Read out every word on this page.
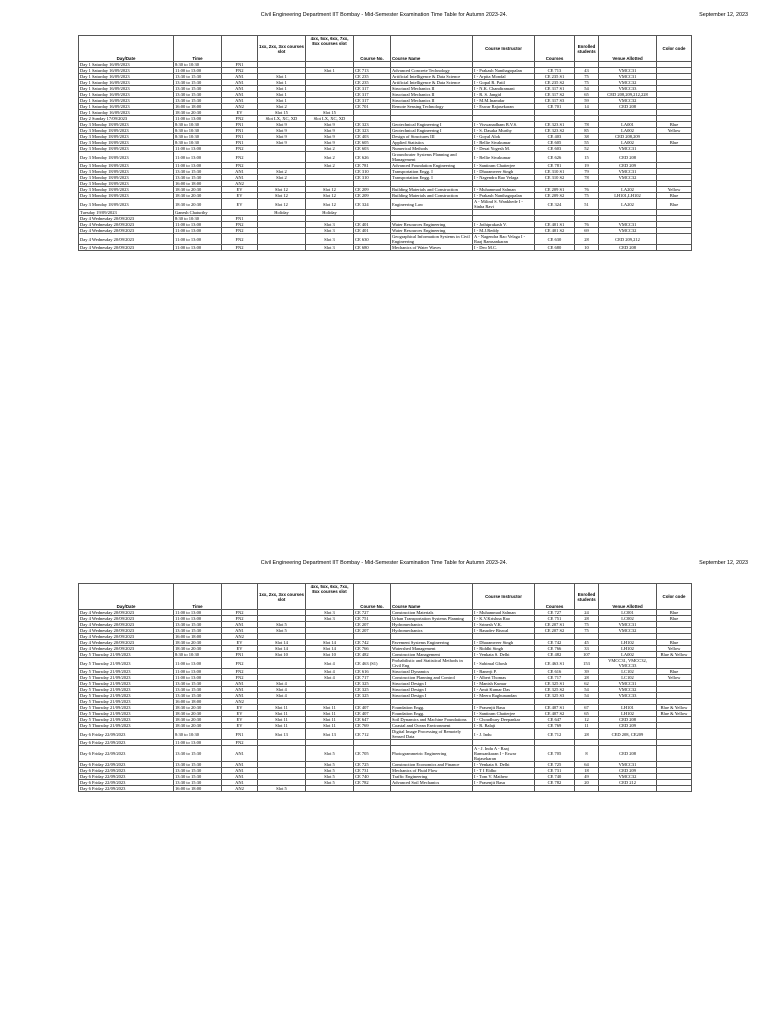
Civil Engineering Department IIT Bombay - Mid-Semester Examination Time Table for Autumn 2023-24.	September 12, 2023
Day/Date	Time		1xx, 2xx, 3xx courses slot	4xx, 5xx, 6xx, 7xx, 8xx courses slot	Course No.	Course Name	Course Instructor	Courses	Enrolled students	Venue Allotted	Color code
Day 1 Saturday 16/09/2023	8:30 to 10:30	FN1									
Day 1 Saturday 16/09/2023	11:00 to 13:00	FN2		Slot 1	CE 713	Advanced Concrete Technology	I - Prakash Nanthagopalan	CE 713	43	VMCC31	
Day 1 Saturday 16/09/2023	13:30 to 15:30	AN1	Slot 1		CE 235	Artificial Intelligence & Data Science	I - Arpita Mondal	CE 235 S1	75	VMCC31	
Day 1 Saturday 16/09/2023	13:30 to 15:30	AN1	Slot 1		CE 235	Artificial Intelligence & Data Science	I - Gopal R. Patil	CE 235 S2	75	VMCC32	
Day 1 Saturday 16/09/2023	13:30 to 15:30	AN1	Slot 1		CE 317	Structural Mechanics II	I - N.K. Chandiramani	CE 317 S1	54	VMCC33	
Day 1 Saturday 16/09/2023	13:30 to 15:30	AN1	Slot 1		CE 317	Structural Mechanics II	I - R. S. Jangid	CE 317 S2	65	CED 208,209,212,228	
Day 1 Saturday 16/09/2023	13:30 to 15:30	AN1	Slot 1		CE 317	Structural Mechanics II	I - M.M.Inamdar	CE 317 S3	59	VMCC32	
Day 1 Saturday 16/09/2023	16:00 to 18:00	AN2	Slot 2		CE 701	Remote Sensing Technology	I - Eswar Rajasekaran	CE 701	14	CED 208	
Day 1 Saturday 16/09/2023	18:30 to 20:30	EV	Slot 15	Slot 15							
Day 2 Sunday 17/09/2023	11:00 to 13:00	FN2	Slot LX, XC, XD	Slot LX, XC, XD							
Day 3 Monday 18/09/2023	8:30 to 10:30	FN1	Slot 9	Slot 9	CE 323	Geotechnical Engineering I	I - Viswanadham B.V.S.	CE 323 S1	78	LA001	Blue
Day 3 Monday 18/09/2023	8:30 to 10:30	FN1	Slot 9	Slot 9	CE 323	Geotechnical Engineering I	I - S. Dasaka Murthy	CE 323 S2	85	LA002	Yellow
Day 3 Monday 18/09/2023	8:30 to 10:30	FN1	Slot 9	Slot 9	CE 403	Design of Structures III	I - Goyal Alok	CE 403	38	CED 208,209	
Day 3 Monday 18/09/2023	8:30 to 10:30	FN1	Slot 9	Slot 9	CE 605	Applied Statistics	I - Bellie Sivakumar	CE 605	55	LA002	Blue
Day 3 Monday 18/09/2023	11:00 to 13:00	FN2		Slot 2	CE 603	Numerical Methods	I - Desai Yogesh M.	CE 603	52	VMCC31	
Day 3 Monday 18/09/2023	11:00 to 13:00	FN2		Slot 2	CE 626	Groundwater Systems Planning and Management	I - Bellie Sivakumar	CE 626	15	CED 208	
Day 3 Monday 18/09/2023	11:00 to 13:00	FN2		Slot 2	CE 781	Advanced Foundation Engineering	I - Santiram Chatterjee	CE 781	19	CED 209	
Day 3 Monday 18/09/2023	13:30 to 15:30	AN1	Slot 2		CE 310	Transportation Engg. I	I - Dharamveer Singh	CE 310 S1	79	VMCC31	
Day 3 Monday 18/09/2023	13:30 to 15:30	AN1	Slot 2		CE 310	Transportation Engg. I	I - Nagendra Rao Velaga	CE 310 S2	78	VMCC32	
Day 3 Monday 18/09/2023	16:00 to 18:00	AN2									
Day 3 Monday 18/09/2023	18:30 to 20:30	EV	Slot 12	Slot 12	CE 209	Building Materials and Construction	I - Muhammad Salman	CE 209 S1	76	LA202	Yellow
Day 3 Monday 18/09/2023	18:30 to 20:30	EV	Slot 12	Slot 12	CE 209	Building Materials and Construction	I - Prakash Nanthagopalan	CE 209 S2	75	LH101,LH102	Blue
Day 3 Monday 18/09/2023	18:30 to 20:30	EV	Slot 12	Slot 12	CE 324	Engineering Law	A - Milind S. Wankhede I - Sinha Ravi	CE 324	51	LA202	Blue
Tuesday 19/09/2023	Ganesh Chaturthy		Holiday	Holiday							
Day 4 Wednesday 20/09/2023	8:30 to 10:30	FN1									
Day 4 Wednesday 20/09/2023	11:00 to 13:00	FN2		Slot 3	CE 401	Water Resources Engineering	I - Jothiprakash V.	CE 401 S1	76	VMCC31	
Day 4 Wednesday 20/09/2023	11:00 to 13:00	FN2		Slot 3	CE 401	Water Resources Engineering	I - M.J.Reddy	CE 401 S2	69	VMCC32	
Day 4 Wednesday 20/09/2023	11:00 to 13:00	FN2		Slot 3	CE 630	Geographical Information Systems in Civil Engineering	A - Nagendra Rao Velaga I - Raaj Ramsankaran	CE 630	28	CED 209,212	
Day 4 Wednesday 20/09/2023	11:00 to 13:00	FN2		Slot 3	CE 680	Mechanics of Water Waves	I - Deo M.C.	CE 680	10	CED 208	
Civil Engineering Department IIT Bombay - Mid-Semester Examination Time Table for Autumn 2023-24.	September 12, 2023
Day/Date	Time		1xx, 2xx, 3xx courses slot	4xx, 5xx, 6xx, 7xx, 8xx courses slot	Course No.	Course Name	Course Instructor	Courses	Enrolled students	Venue Allotted	Color code
Day 4 Wednesday 20/09/2023	11:00 to 13:00	FN2		Slot 3	CE 727	Construction Materials	I - Muhammad Salman	CE 727	24	LC001	Blue
Day 4 Wednesday 20/09/2023	11:00 to 13:00	FN2		Slot 3	CE 751	Urban Transportation Systems Planning	I - K.V.Krishna Rao	CE 751	28	LC002	Blue
Day 4 Wednesday 20/09/2023	13:30 to 15:30	AN1	Slot 5		CE 207	Hydromechanics	I - Srinesh V.K.	CE 207 S1	75	VMCC31	
Day 4 Wednesday 20/09/2023	13:30 to 15:30	AN1	Slot 5		CE 207	Hydromechanics	I - Basudev Biswal	CE 207 S2	75	VMCC32	
Day 4 Wednesday 20/09/2023	16:00 to 18:00	AN2									
Day 4 Wednesday 20/09/2023	18:30 to 20:30	EV	Slot 14	Slot 14	CE 742	Pavement Systems Engineering	I - Dharamveer Singh	CE 742	45	LH102	Blue
Day 4 Wednesday 20/09/2023	18:30 to 20:30	EV	Slot 14	Slot 14	CE 766	Watershed Management	I - Riddhi Singh	CE 766	33	LH102	Yellow
Day 5 Thursday 21/09/2023	8:30 to 10:30	FN1	Slot 10	Slot 10	CE 482	Construction Management	I - Venkata S. Delhi	CE 482	107	LA002	Blue & Yellow
Day 5 Thursday 21/09/2023	11:00 to 13:00	FN2		Slot 4	CE 463 (S1)	Probabilistic and Statistical Methods in Civil Eng	I - Subimal Ghosh	CE 463 S1	153	VMCC31, VMCC32, VMCC33	
Day 5 Thursday 21/09/2023	11:00 to 13:00	FN2		Slot 4	CE 616	Structural Dynamics	I - Banerji P.	CE 616	39	LC102	Blue
Day 5 Thursday 21/09/2023	11:00 to 13:00	FN2		Slot 4	CE 717	Construction Planning and Control	I - Albert Thomas	CE 717	28	LC102	Yellow
Day 5 Thursday 21/09/2023	13:30 to 15:30	AN1	Slot 4		CE 325	Structural Design I	I - Manish Kumar	CE 325 S1	62	VMCC31	
Day 5 Thursday 21/09/2023	13:30 to 15:30	AN1	Slot 4		CE 325	Structural Design I	I - Amit Kumar Das	CE 325 S2	54	VMCC32	
Day 5 Thursday 21/09/2023	13:30 to 15:30	AN1	Slot 4		CE 325	Structural Design I	I - Meera Raghunandan	CE 325 S3	54	VMCC33	
Day 5 Thursday 21/09/2023	16:00 to 18:00	AN2									
Day 5 Thursday 21/09/2023	18:30 to 20:30	EV	Slot 11	Slot 11	CE 407	Foundation Engg.	I - Prasenjit Basu	CE 407 S1	67	LH101	Blue & Yellow
Day 5 Thursday 21/09/2023	18:30 to 20:30	EV	Slot 11	Slot 11	CE 407	Foundation Engg.	I - Santiram Chatterjee	CE 407 S2	65	LH102	Blue & Yellow
Day 5 Thursday 21/09/2023	18:30 to 20:30	EV	Slot 11	Slot 11	CE 647	Soil Dynamics and Machine Foundations	I - Choudhury Deepankar	CE 647	12	CED 208	
Day 5 Thursday 21/09/2023	18:30 to 20:30	EV	Slot 11	Slot 11	CE 769	Coastal and Ocean Environment	I - R. Balaji	CE 769	11	CED 209	
Day 6 Friday 22/09/2023	8:30 to 10:30	FN1	Slot 13	Slot 13	CE 712	Digital Image Processing of Remotely Sensed Data	I - J. Indu	CE 712	28	CED 208, CE209	
Day 6 Friday 22/09/2023	11:00 to 13:00	FN2									
Day 6 Friday 22/09/2023	13:30 to 15:30	AN1		Slot 5	CE 705	Photogrammetric Engineering	A - J. Indu A - Raaj Ramsankaran I - Eswar Rajasekaran	CE 705	8	CED 208	
Day 6 Friday 22/09/2023	13:30 to 15:30	AN1		Slot 5	CE 725	Construction Economics and Finance	I - Venkata S. Delhi	CE 725	64	VMCC31	
Day 6 Friday 22/09/2023	13:30 to 15:30	AN1		Slot 5	CE 731	Mechanics of Fluid Flow	I - T I Eldho	CE 731	18	CED 209	
Day 6 Friday 22/09/2023	13:30 to 15:30	AN1		Slot 5	CE 740	Traffic Engineering	I - Tom V. Mathew	CE 740	49	VMCC32	
Day 6 Friday 22/09/2023	13:30 to 15:30	AN1		Slot 5	CE 782	Advanced Soil Mechanics	I - Prasenjit Basu	CE 782	20	CED 212	
Day 6 Friday 22/09/2023	16:00 to 18:00	AN2	Slot 5								
